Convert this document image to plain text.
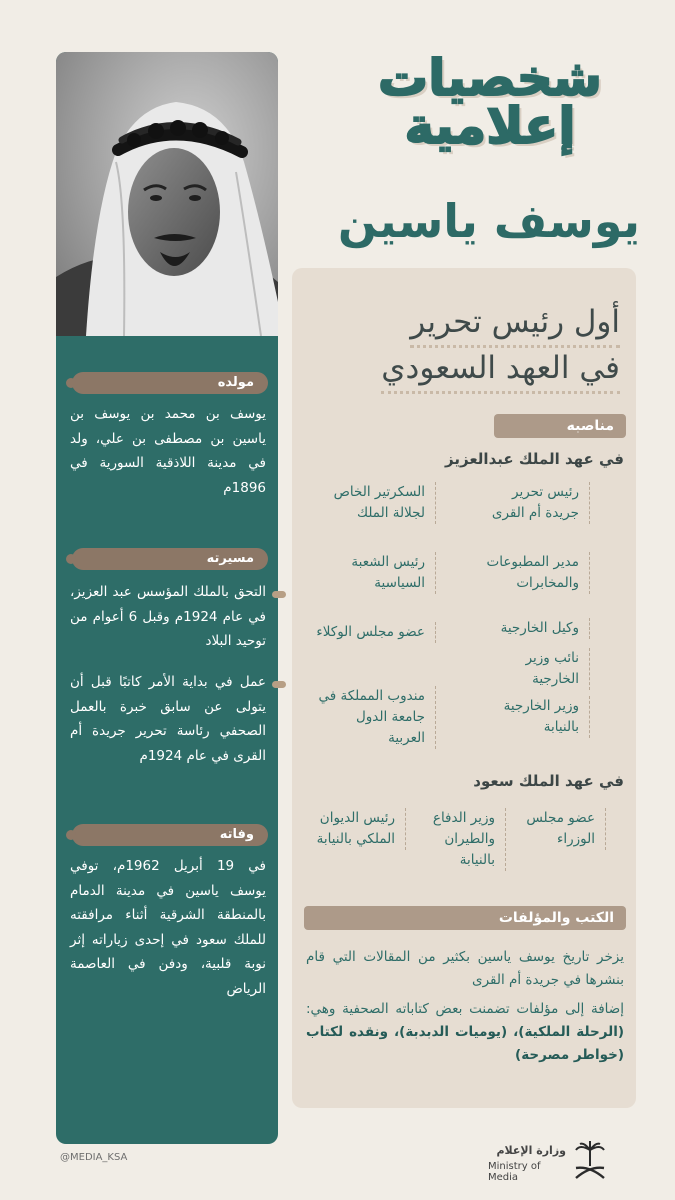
مولده
يوسف بن محمد بن يوسف بن ياسين بن مصطفى بن علي، ولد في مدينة اللاذقية السورية في 1896م
مسيرته
التحق بالملك المؤسس عبد العزيز، في عام 1924م وقبل 6 أعوام من توحيد البلاد
عمل في بداية الأمر كاتبًا قبل أن يتولى عن سابق خبرة بالعمل الصحفي رئاسة تحرير جريدة أم القرى في عام 1924م
وفاته
في 19 أبريل 1962م، توفي يوسف ياسين في مدينة الدمام بالمنطقة الشرقية أثناء مرافقته للملك سعود في إحدى زياراته إثر نوبة قلبية، ودفن في العاصمة الرياض
شخصيات
إعلامية
يوسف ياسين
أول رئيس تحرير
في العهد السعودي
مناصبه
في عهد الملك عبدالعزيز
رئيس تحرير جريدة أم القرى
مدير المطبوعات والمخابرات
وكيل الخارجية
نائب وزير الخارجية
وزير الخارجية بالنيابة
السكرتير الخاص لجلالة الملك
رئيس الشعبة السياسية
عضو مجلس الوكلاء
مندوب المملكة في جامعة الدول العربية
في عهد الملك سعود
عضو مجلس الوزراء
وزير الدفاع والطيران بالنيابة
رئيس الديوان الملكي بالنيابة
الكتب والمؤلفات
يزخر تاريخ يوسف ياسين بكثير من المقالات التي قام بنشرها في جريدة أم القرى
إضافة إلى مؤلفات تضمنت بعض كتاباته الصحفية وهي: (الرحلة الملكية)، (يوميات الدبدبة)، ونقده لكتاب (خواطر مصرحة)
@MEDIA_KSA
وزارة الإعلام
Ministry of Media
